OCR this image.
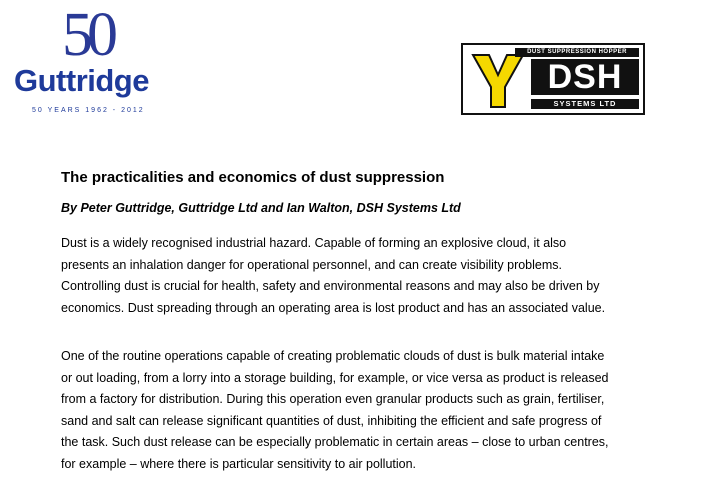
50
Guttridge
50 YEARS 1962 - 2012
DUST SUPPRESSION HOPPER
DSH
SYSTEMS LTD
The practicalities and economics of dust suppression
By Peter Guttridge, Guttridge Ltd and Ian Walton, DSH Systems Ltd
Dust is a widely recognised industrial hazard. Capable of forming an explosive cloud, it also
presents an inhalation danger for operational personnel, and can create visibility problems.
Controlling dust is crucial for health, safety and environmental reasons and may also be driven by
economics. Dust spreading through an operating area is lost product and has an associated value.
One of the routine operations capable of creating problematic clouds of dust is bulk material intake
or out loading, from a lorry into a storage building, for example, or vice versa as product is released
from a factory for distribution. During this operation even granular products such as grain, fertiliser,
sand and salt can release significant quantities of dust, inhibiting the efficient and safe progress of
the task. Such dust release can be especially problematic in certain areas – close to urban centres,
for example – where there is particular sensitivity to air pollution.
